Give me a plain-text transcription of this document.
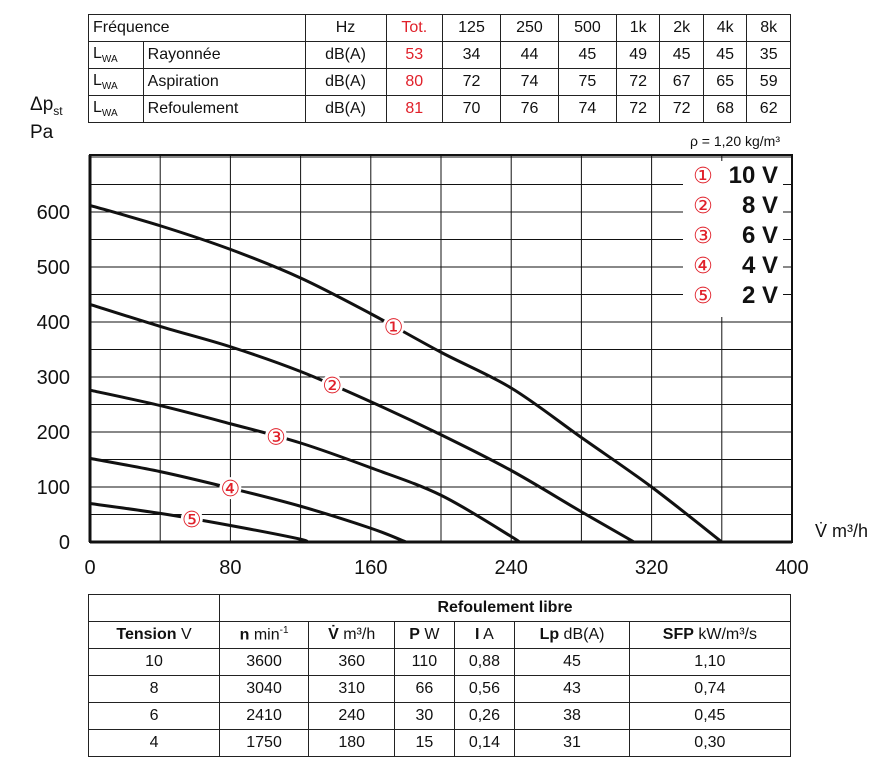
Fréquence		Hz	Tot.	125	250	500	1k	2k	4k	8k
$L_{WA}$	Rayonnée	dB(A)	53	34	44	45	49	45	45	35
$L_{WA}$	Aspiration	dB(A)	80	72	74	75	72	67	65	59
$L_{WA}$	Refoulement	dB(A)	81	70	76	74	72	72	68	62
$\Delta p_{st}$
Pa
0
100
200
300
400
500
600
0	80	160	240	320	400
V̇ m³/h
ρ = 1,20 kg/m³
①
① 10 V
②
② 8 V
③
③ 6 V
④
④ 4 V
⑤
⑤ 2 V
	Refoulement libre					
Tension V	n $\min^{-1}$	V̇ m³/h	P W	I A	Lp dB(A)	SFP kW/m³/s
10	3600	360	110	0,88	45	1,10
8	3040	310	66	0,56	43	0,74
6	2410	240	30	0,26	38	0,45
4	1750	180	15	0,14	31	0,30
